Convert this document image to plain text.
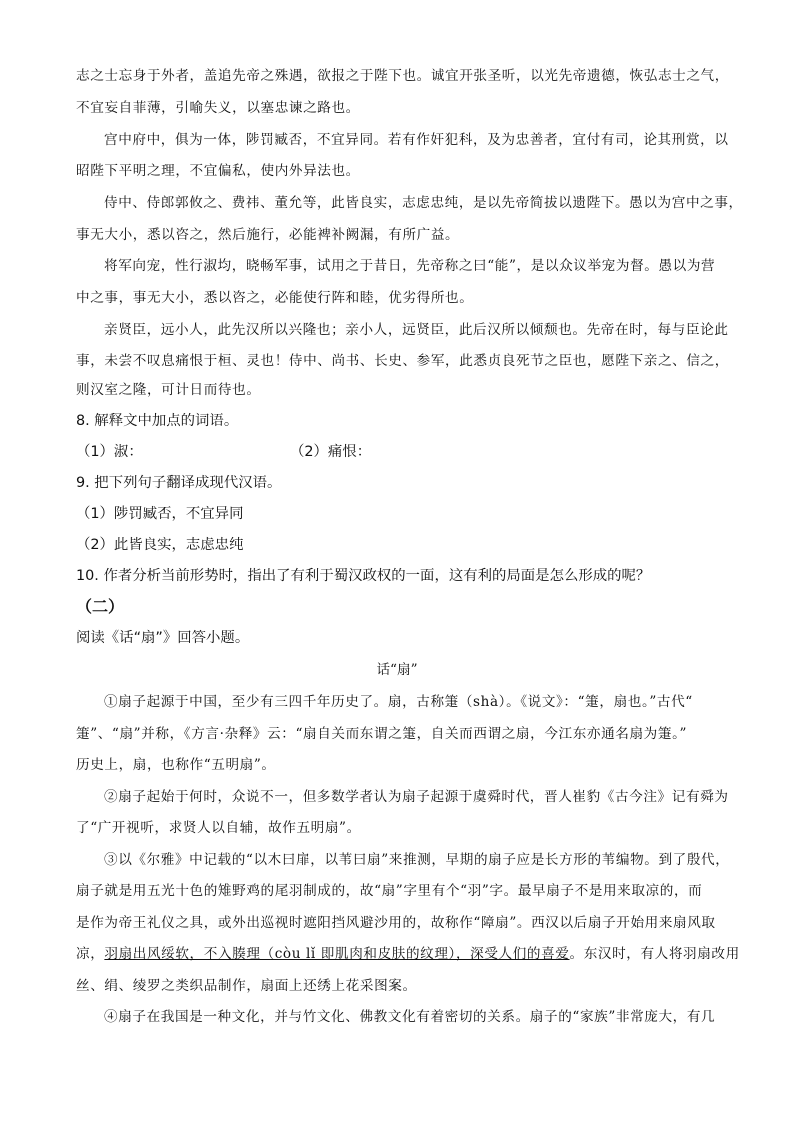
志之士忘身于外者，盖追先帝之殊遇，欲报之于陛下也。诚宜开张圣听，以光先帝遗德，恢弘志士之气，
不宜妄自菲薄，引喻失义，以塞忠谏之路也。
宫中府中，俱为一体，陟罚臧否，不宜异同。若有作奸犯科，及为忠善者，宜付有司，论其刑赏，以
昭陛下平明之理，不宜偏私，使内外异法也。
侍中、侍郎郭攸之、费祎、董允等，此皆良实，志虑忠纯，是以先帝简拔以遗陛下。愚以为宫中之事，
事无大小，悉以咨之，然后施行，必能裨补阙漏，有所广益。
将军向宠，性行淑均，晓畅军事，试用之于昔日，先帝称之曰“能”，是以众议举宠为督。愚以为营
中之事，事无大小，悉以咨之，必能使行阵和睦，优劣得所也。
亲贤臣，远小人，此先汉所以兴隆也；亲小人，远贤臣，此后汉所以倾颓也。先帝在时，每与臣论此
事，未尝不叹息痛恨于桓、灵也！侍中、尚书、长史、参军，此悉贞良死节之臣也，愿陛下亲之、信之，
则汉室之隆，可计日而待也。
8. 解释文中加点的词语。
（1）淑：	（2）痛恨：
9. 把下列句子翻译成现代汉语。
（1）陟罚臧否，不宜异同
（2）此皆良实，志虑忠纯
10. 作者分析当前形势时，指出了有利于蜀汉政权的一面，这有利的局面是怎么形成的呢？
（二）
阅读《话“扇”》回答小题。
话“扇”
①扇子起源于中国，至少有三四千年历史了。扇，古称箑（shà）。《说文》：“箑，扇也。”古代“
箑”、“扇”并称，《方言·杂释》云：“扇自关而东谓之箑，自关而西谓之扇，今江东亦通名扇为箑。”
历史上，扇，也称作“五明扇”。
②扇子起始于何时，众说不一，但多数学者认为扇子起源于虞舜时代，晋人崔豹《古今注》记有舜为
了“广开视听，求贤人以自辅，故作五明扇”。
③以《尔雅》中记载的“以木曰扉，以苇曰扇”来推测，早期的扇子应是长方形的苇编物。到了殷代，
扇子就是用五光十色的雉野鸡的尾羽制成的，故“扇”字里有个“羽”字。最早扇子不是用来取凉的，而
是作为帝王礼仪之具，或外出巡视时遮阳挡风避沙用的，故称作“障扇”。西汉以后扇子开始用来扇风取
凉，羽扇出风绥软，不入腠理（còu lǐ 即肌肉和皮肤的纹理），深受人们的喜爱。东汉时，有人将羽扇改用
丝、绢、绫罗之类织品制作，扇面上还绣上花采图案。
④扇子在我国是一种文化，并与竹文化、佛教文化有着密切的关系。扇子的“家族”非常庞大，有几
